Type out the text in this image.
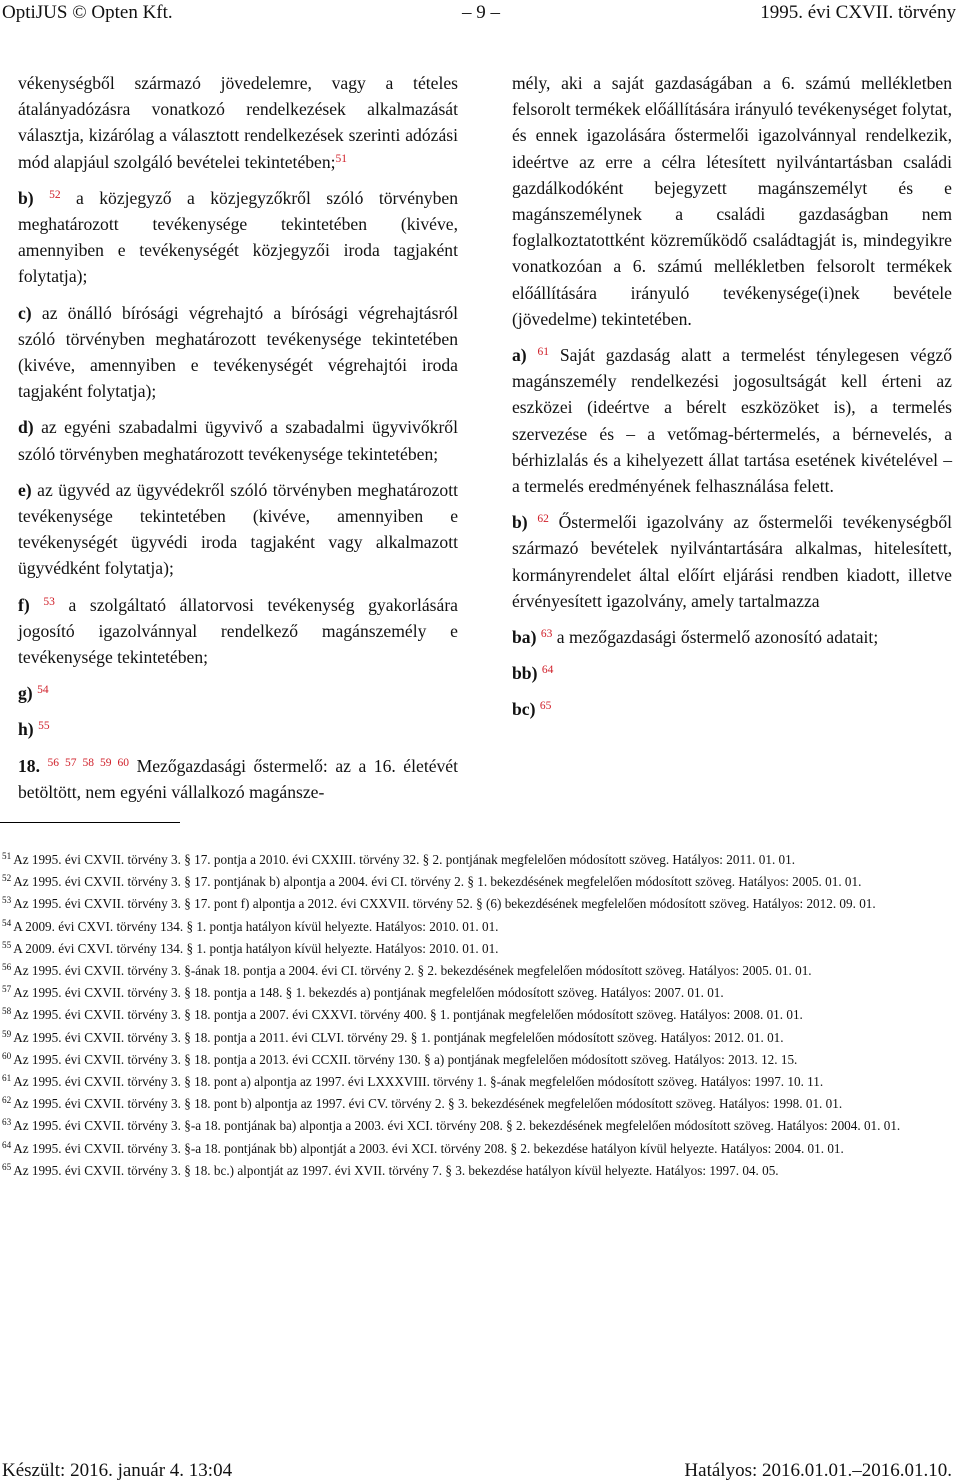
OptiJUS © Opten Kft.	– 9 –	1995. évi CXVII. törvény
vékenységből származó jövedelemre, vagy a tételes átalányadózásra vonatkozó rendelkezések alkalmazását választja, kizárólag a választott rendelkezések szerinti adózási mód alapjául szolgáló bevételei tekintetében;$^{51}$
b) $^{52}$ a közjegyző a közjegyzőkről szóló törvényben meghatározott tevékenysége tekintetében (kivéve, amennyiben e tevékenységét közjegyzői iroda tagjaként folytatja);
c) az önálló bírósági végrehajtó a bírósági végrehajtásról szóló törvényben meghatározott tevékenysége tekintetében (kivéve, amennyiben e tevékenységét végrehajtói iroda tagjaként folytatja);
d) az egyéni szabadalmi ügyvivő a szabadalmi ügyvivőkről szóló törvényben meghatározott tevékenysége tekintetében;
e) az ügyvéd az ügyvédekről szóló törvényben meghatározott tevékenysége tekintetében (kivéve, amennyiben e tevékenységét ügyvédi iroda tagjaként vagy alkalmazott ügyvédként folytatja);
f) $^{53}$ a szolgáltató állatorvosi tevékenység gyakorlására jogosító igazolvánnyal rendelkező magánszemély e tevékenysége tekintetében;
g) $^{54}$
h) $^{55}$
18. $^{56 57 58 59 60}$ Mezőgazdasági őstermelő: az a 16. életévét betöltött, nem egyéni vállalkozó magánsze-
mély, aki a saját gazdaságában a 6. számú mellékletben felsorolt termékek előállítására irányuló tevékenységet folytat, és ennek igazolására őstermelői igazolvánnyal rendelkezik, ideértve az erre a célra létesített nyilvántartásban családi gazdálkodóként bejegyzett magánszemélyt és e magánszemélynek a családi gazdaságban nem foglalkoztatottként közreműködő családtagját is, mindegyikre vonatkozóan a 6. számú mellékletben felsorolt termékek előállítására irányuló tevékenysége(i)nek bevétele (jövedelme) tekintetében.
a) $^{61}$ Saját gazdaság alatt a termelést ténylegesen végző magánszemély rendelkezési jogosultságát kell érteni az eszközei (ideértve a bérelt eszközöket is), a termelés szervezése és – a vetőmag-bértermelés, a bérnevelés, a bérhizlalás és a kihelyezett állat tartása esetének kivételével – a termelés eredményének felhasználása felett.
b) $^{62}$ Őstermelői igazolvány az őstermelői tevékenységből származó bevételek nyilvántartására alkalmas, hitelesített, kormányrendelet által előírt eljárási rendben kiadott, illetve érvényesített igazolvány, amely tartalmazza
ba) $^{63}$ a mezőgazdasági őstermelő azonosító adatait;
bb) $^{64}$
bc) $^{65}$

$^{51}$ Az 1995. évi CXVII. törvény 3. § 17. pontja a 2010. évi CXXIII. törvény 32. § 2. pontjának megfelelően módosított szöveg. Hatályos: 2011. 01. 01.

$^{52}$ Az 1995. évi CXVII. törvény 3. § 17. pontjának b) alpontja a 2004. évi CI. törvény 2. § 1. bekezdésének megfelelően módosított szöveg. Hatályos: 2005. 01. 01.

$^{53}$ Az 1995. évi CXVII. törvény 3. § 17. pont f) alpontja a 2012. évi CXXVII. törvény 52. § (6) bekezdésének megfelelően módosított szöveg. Hatályos: 2012. 09. 01.

$^{54}$ A 2009. évi CXVI. törvény 134. § 1. pontja hatályon kívül helyezte. Hatályos: 2010. 01. 01.

$^{55}$ A 2009. évi CXVI. törvény 134. § 1. pontja hatályon kívül helyezte. Hatályos: 2010. 01. 01.

$^{56}$ Az 1995. évi CXVII. törvény 3. §-ának 18. pontja a 2004. évi CI. törvény 2. § 2. bekezdésének megfelelően módosított szöveg. Hatályos: 2005. 01. 01.

$^{57}$ Az 1995. évi CXVII. törvény 3. § 18. pontja a 148. § 1. bekezdés a) pontjának megfelelően módosított szöveg. Hatályos: 2007. 01. 01.

$^{58}$ Az 1995. évi CXVII. törvény 3. § 18. pontja a 2007. évi CXXVI. törvény 400. § 1. pontjának megfelelően módosított szöveg. Hatályos: 2008. 01. 01.

$^{59}$ Az 1995. évi CXVII. törvény 3. § 18. pontja a 2011. évi CLVI. törvény 29. § 1. pontjának megfelelően módosított szöveg. Hatályos: 2012. 01. 01.

$^{60}$ Az 1995. évi CXVII. törvény 3. § 18. pontja a 2013. évi CCXII. törvény 130. § a) pontjának megfelelően módosított szöveg. Hatályos: 2013. 12. 15.

$^{61}$ Az 1995. évi CXVII. törvény 3. § 18. pont a) alpontja az 1997. évi LXXXVIII. törvény 1. §-ának megfelelően módosított szöveg. Hatályos: 1997. 10. 11.

$^{62}$ Az 1995. évi CXVII. törvény 3. § 18. pont b) alpontja az 1997. évi CV. törvény 2. § 3. bekezdésének megfelelően módosított szöveg. Hatályos: 1998. 01. 01.

$^{63}$ Az 1995. évi CXVII. törvény 3. §-a 18. pontjának ba) alpontja a 2003. évi XCI. törvény 208. § 2. bekezdésének megfelelően módosított szöveg. Hatályos: 2004. 01. 01.

$^{64}$ Az 1995. évi CXVII. törvény 3. §-a 18. pontjának bb) alpontját a 2003. évi XCI. törvény 208. § 2. bekezdése hatályon kívül helyezte. Hatályos: 2004. 01. 01.

$^{65}$ Az 1995. évi CXVII. törvény 3. § 18. bc.) alpontját az 1997. évi XVII. törvény 7. § 3. bekezdése hatályon kívül helyezte. Hatályos: 1997. 04. 05.

Készült: 2016. január 4. 13:04	Hatályos: 2016.01.01.–2016.01.10.
